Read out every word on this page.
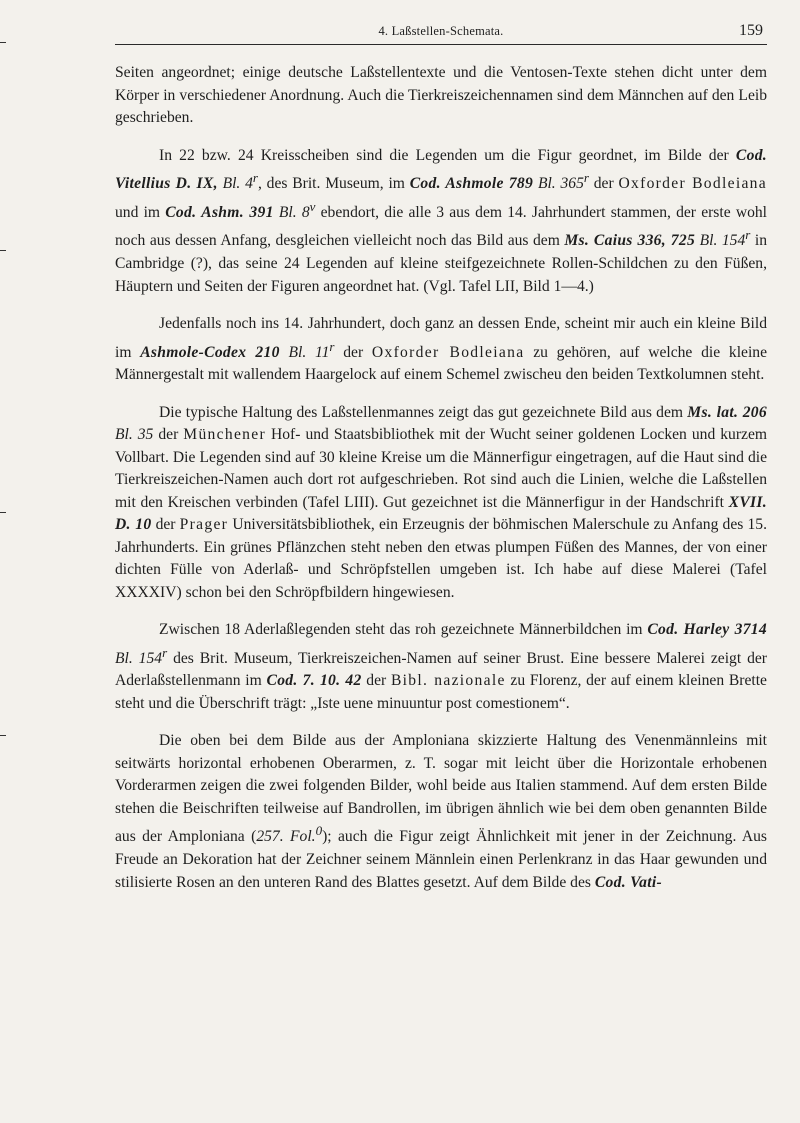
4. Laßstellen-Schemata.	159

Seiten angeordnet; einige deutsche Laßstellentexte und die Ventosen-Texte stehen dicht unter dem Körper in verschiedener Anordnung. Auch die Tierkreiszeichennamen sind dem Männchen auf den Leib geschrieben.

In 22 bzw. 24 Kreisscheiben sind die Legenden um die Figur geordnet, im Bilde der Cod. Vitellius D. IX, Bl. 4$^r$, des Brit. Museum, im Cod. Ashmole 789 Bl. 365$^r$ der Oxforder Bodleiana und im Cod. Ashm. 391 Bl. 8$^v$ ebendort, die alle 3 aus dem 14. Jahrhundert stammen, der erste wohl noch aus dessen Anfang, desgleichen vielleicht noch das Bild aus dem Ms. Caius 336, 725 Bl. 154$^r$ in Cambridge (?), das seine 24 Legenden auf kleine steifgezeichnete Rollen-Schildchen zu den Füßen, Häuptern und Seiten der Figuren angeordnet hat. (Vgl. Tafel LII, Bild 1—4.)

Jedenfalls noch ins 14. Jahrhundert, doch ganz an dessen Ende, scheint mir auch ein kleine Bild im Ashmole-Codex 210 Bl. 11$^r$ der Oxforder Bodleiana zu gehören, auf welche die kleine Männergestalt mit wallendem Haargelock auf einem Schemel zwischeu den beiden Textkolumnen steht.

Die typische Haltung des Laßstellenmannes zeigt das gut gezeichnete Bild aus dem Ms. lat. 206 Bl. 35 der Münchener Hof- und Staatsbibliothek mit der Wucht seiner goldenen Locken und kurzem Vollbart. Die Legenden sind auf 30 kleine Kreise um die Männerfigur eingetragen, auf die Haut sind die Tierkreiszeichen-Namen auch dort rot aufgeschrieben. Rot sind auch die Linien, welche die Laßstellen mit den Kreischen verbinden (Tafel LIII). Gut gezeichnet ist die Männerfigur in der Handschrift XVII. D. 10 der Prager Universitätsbibliothek, ein Erzeugnis der böhmischen Malerschule zu Anfang des 15. Jahrhunderts. Ein grünes Pflänzchen steht neben den etwas plumpen Füßen des Mannes, der von einer dichten Fülle von Aderlaß- und Schröpfstellen umgeben ist. Ich habe auf diese Malerei (Tafel XXXXIV) schon bei den Schröpfbildern hingewiesen.

Zwischen 18 Aderlaßlegenden steht das roh gezeichnete Männerbildchen im Cod. Harley 3714 Bl. 154$^r$ des Brit. Museum, Tierkreiszeichen-Namen auf seiner Brust. Eine bessere Malerei zeigt der Aderlaßstellenmann im Cod. 7. 10. 42 der Bibl. nazionale zu Florenz, der auf einem kleinen Brette steht und die Überschrift trägt: „Iste uene minuuntur post comestionem“.

Die oben bei dem Bilde aus der Amploniana skizzierte Haltung des Venenmännleins mit seitwärts horizontal erhobenen Oberarmen, z. T. sogar mit leicht über die Horizontale erhobenen Vorderarmen zeigen die zwei folgenden Bilder, wohl beide aus Italien stammend. Auf dem ersten Bilde stehen die Beischriften teilweise auf Bandrollen, im übrigen ähnlich wie bei dem oben genannten Bilde aus der Amploniana (257. Fol.$^0$); auch die Figur zeigt Ähnlichkeit mit jener in der Zeichnung. Aus Freude an Dekoration hat der Zeichner seinem Männlein einen Perlenkranz in das Haar gewunden und stilisierte Rosen an den unteren Rand des Blattes gesetzt. Auf dem Bilde des Cod. Vati-
